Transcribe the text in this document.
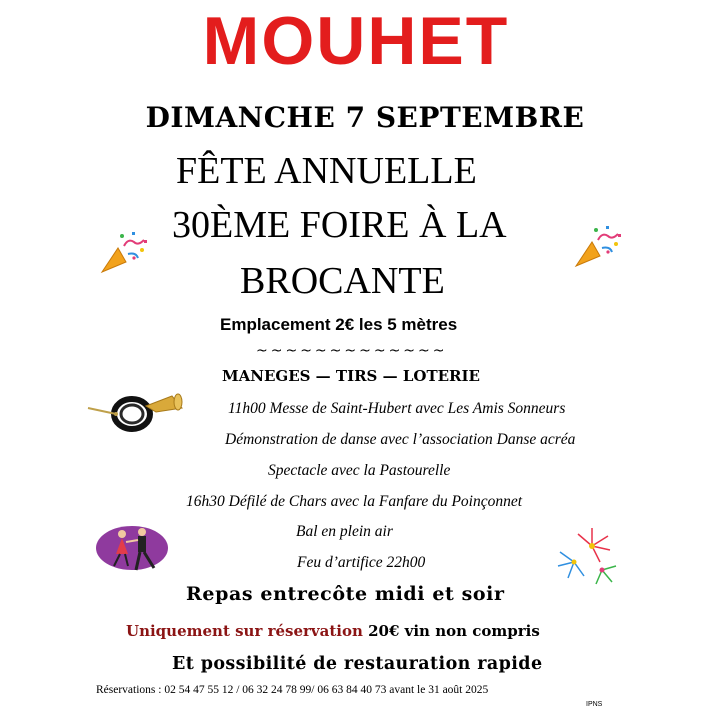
MOUHET
DIMANCHE 7 SEPTEMBRE
FÊTE ANNUELLE
30ÈME FOIRE À LA
BROCANTE
Emplacement 2€ les 5 mètres
~~~~~~~~~~~~~
MANEGES — TIRS — LOTERIE
11h00 Messe de Saint-Hubert avec Les Amis Sonneurs
Démonstration de danse avec l’association Danse acréa
Spectacle avec la Pastourelle
16h30 Défilé de Chars avec la Fanfare du Poinçonnet
Bal en plein air
Feu d’artifice 22h00
Repas entrecôte midi et soir
Uniquement sur réservation 20€ vin non compris
Et possibilité de restauration rapide
Réservations : 02 54 47 55 12 / 06 32 24 78 99/ 06 63 84 40 73 avant le 31 août 2025
IPNS
